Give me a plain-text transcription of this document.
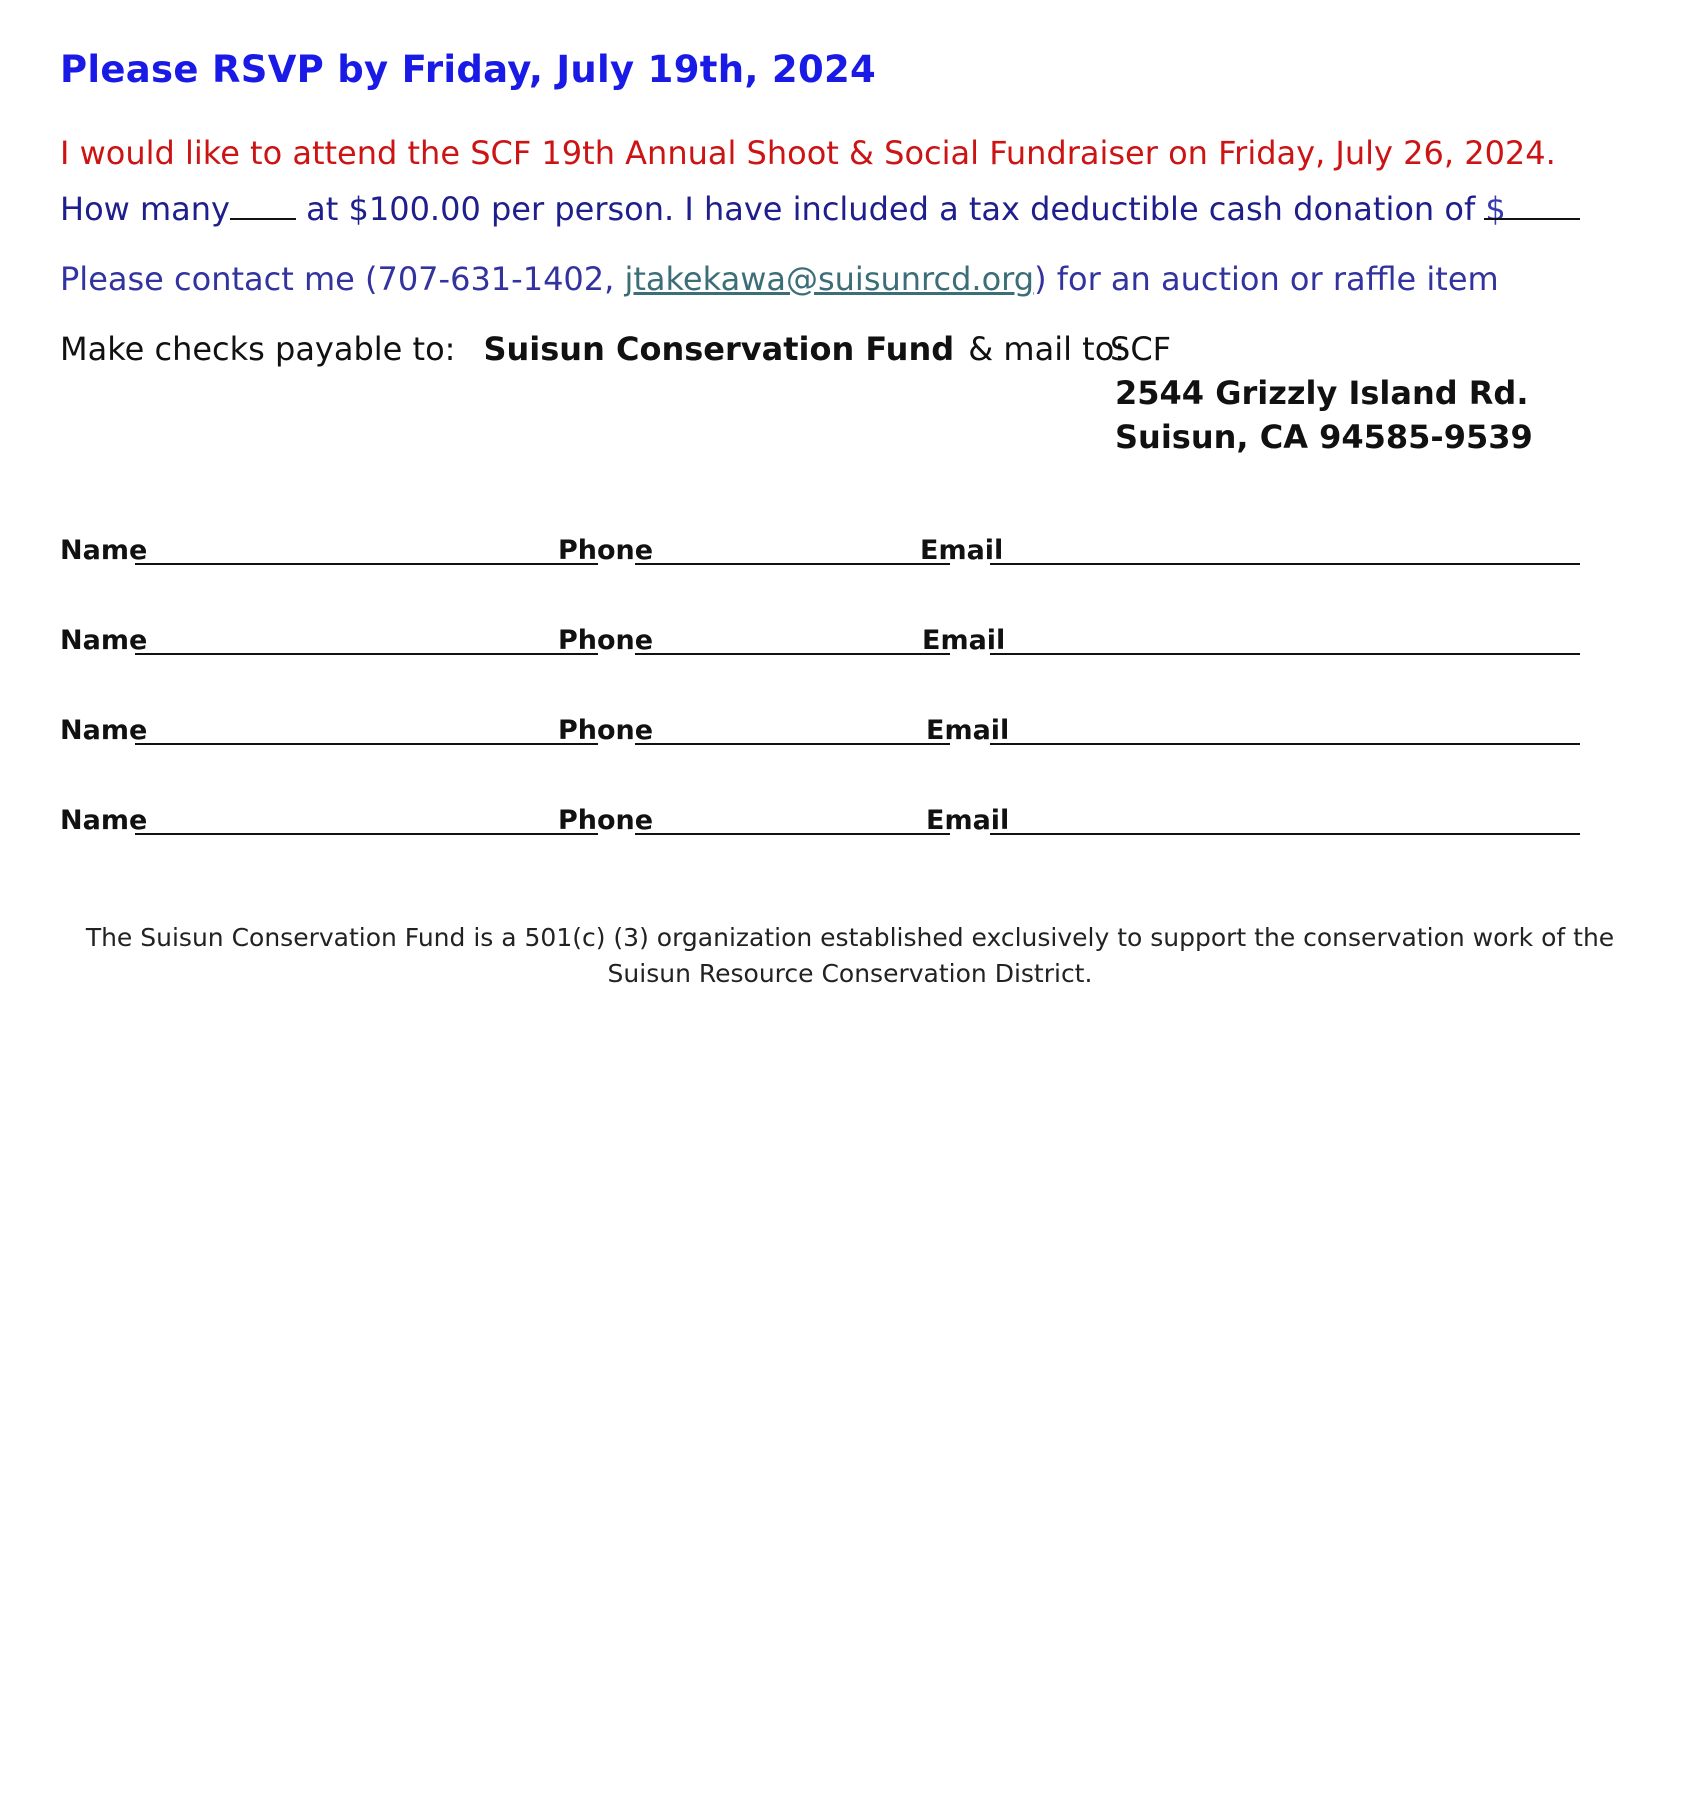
Please RSVP by Friday, July 19th, 2024
I would like to attend the SCF 19th Annual Shoot & Social Fundraiser on Friday, July 26, 2024.
How many at $100.00 per person. I have included a tax deductible cash donation of $
Please contact me (707-631-1402, jtakekawa@suisunrcd.org) for an auction or raffle item
Make checks payable to: Suisun Conservation Fund & mail to:
SCF
2544 Grizzly Island Rd.
Suisun, CA 94585-9539
Name	Phone	Email
Name	Phone	Email
Name	Phone	Email
Name	Phone	Email
The Suisun Conservation Fund is a 501(c) (3) organization established exclusively to support the conservation work of the
Suisun Resource Conservation District.
